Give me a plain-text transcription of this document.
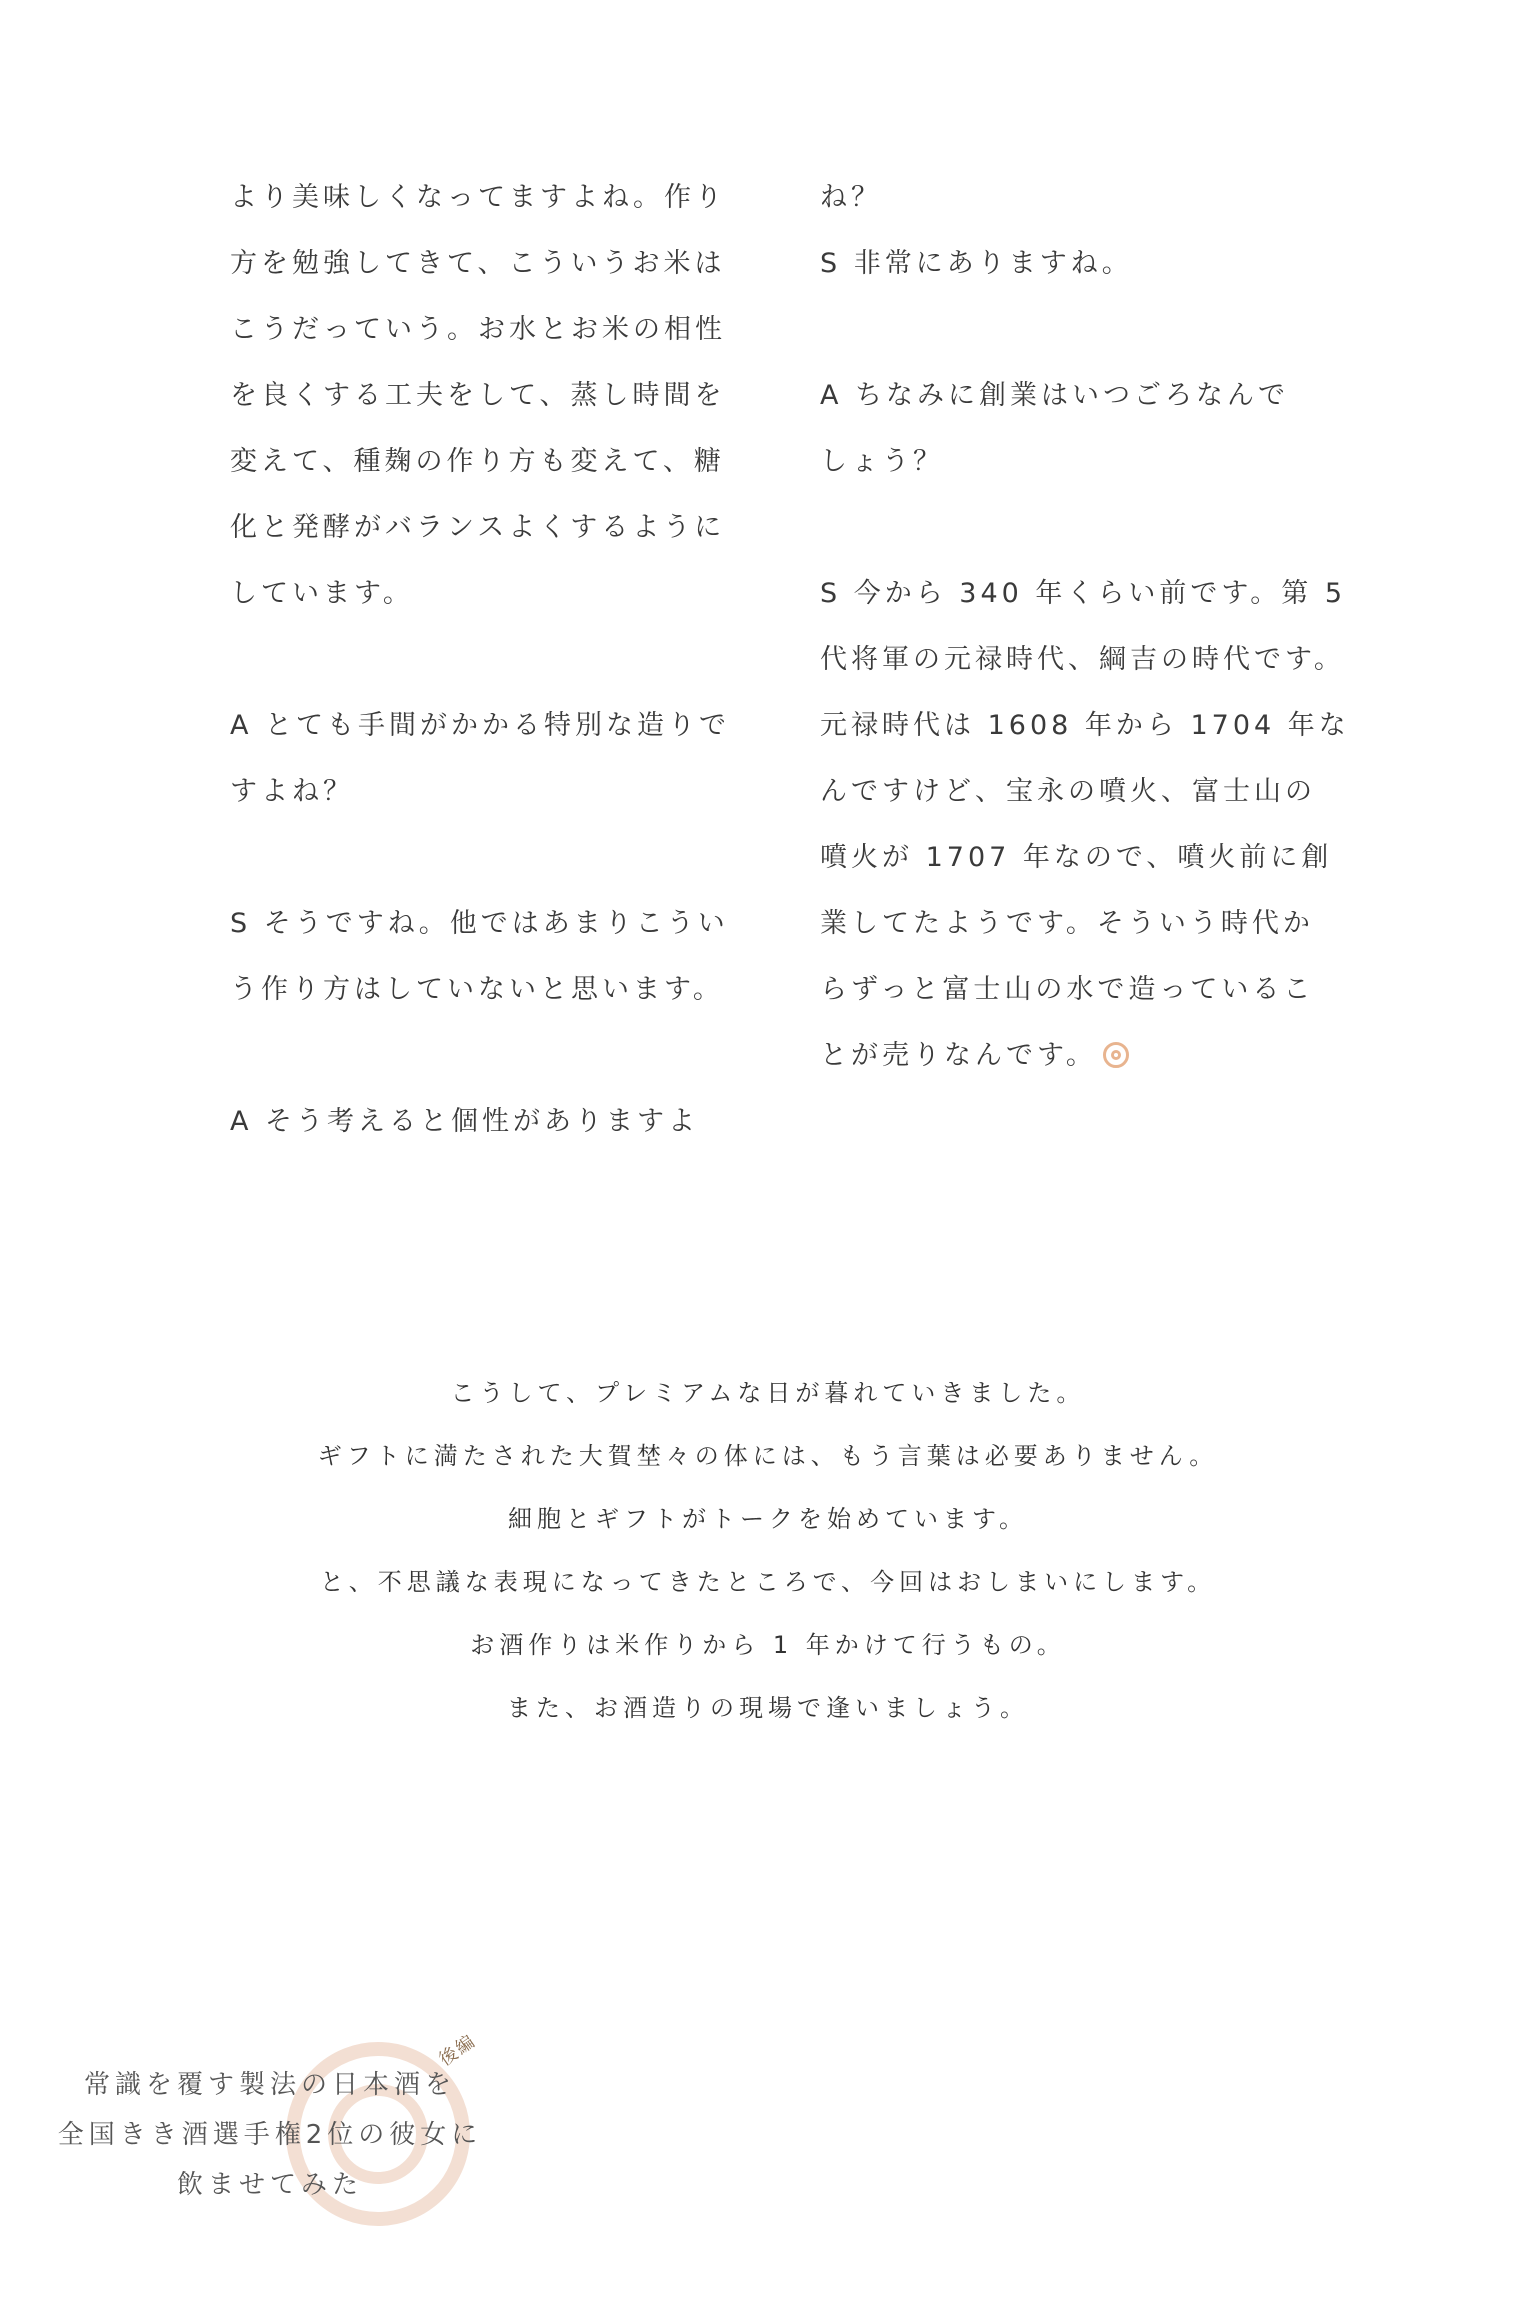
より美味しくなってますよね。作り
方を勉強してきて、こういうお米は
こうだっていう。お水とお米の相性
を良くする工夫をして、蒸し時間を
変えて、種麹の作り方も変えて、糖
化と発酵がバランスよくするように
しています。
A とても手間がかかる特別な造りで
すよね？
S そうですね。他ではあまりこうい
う作り方はしていないと思います。
A そう考えると個性がありますよ
ね？
S 非常にありますね。
A ちなみに創業はいつごろなんで
しょう？
S 今から 340 年くらい前です。第 5
代将軍の元禄時代、綱吉の時代です。
元禄時代は 1608 年から 1704 年な
んですけど、宝永の噴火、富士山の
噴火が 1707 年なので、噴火前に創
業してたようです。そういう時代か
らずっと富士山の水で造っているこ
とが売りなんです。
こうして、プレミアムな日が暮れていきました。
ギフトに満たされた大賀埜々の体には、もう言葉は必要ありません。
細胞とギフトがトークを始めています。
と、不思議な表現になってきたところで、今回はおしまいにします。
お酒作りは米作りから 1 年かけて行うもの。
また、お酒造りの現場で逢いましょう。
常識を覆す製法の日本酒を
全国きき酒選手権2位の彼女に
飲ませてみた
後編
